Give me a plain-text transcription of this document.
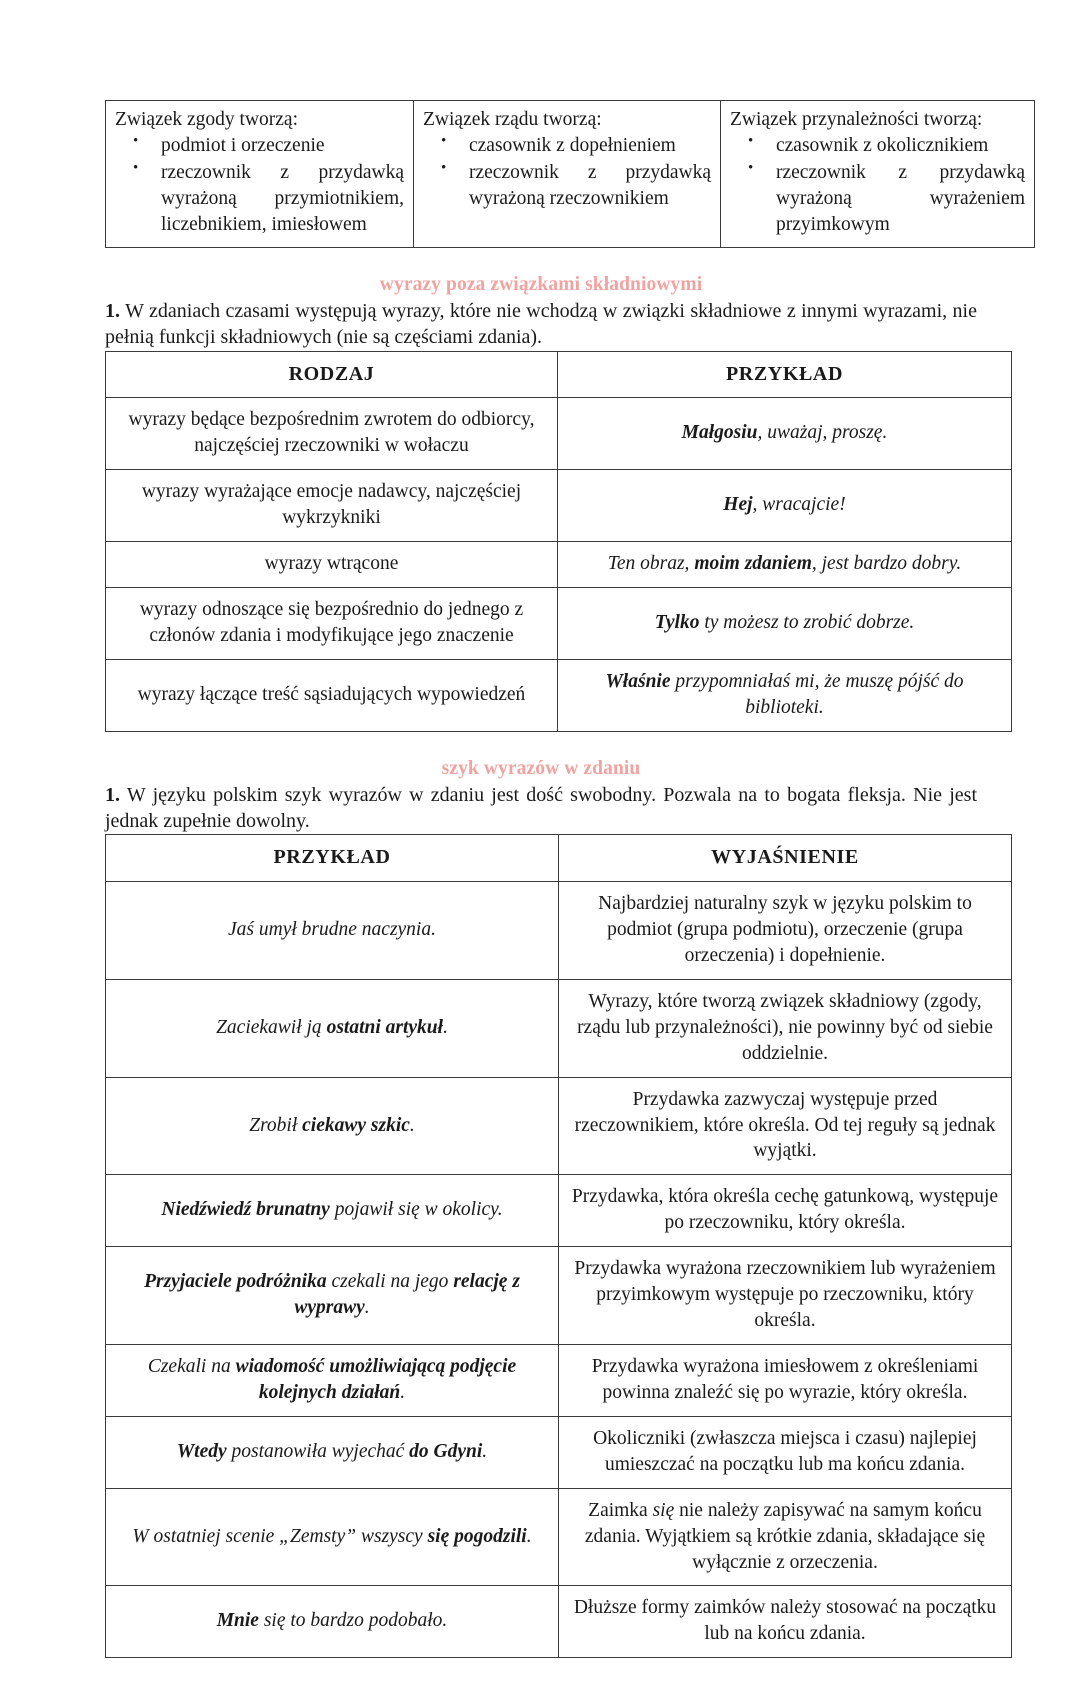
Związek zgody tworzą:

• podmiot i orzeczenie
• rzeczownik z przydawką wyrażoną przymiotnikiem, liczebnikiem, imiesłowem

Związek rządu tworzą:

• czasownik z dopełnieniem
• rzeczownik z przydawką wyrażoną rzeczownikiem

Związek przynależności tworzą:

• czasownik z okolicznikiem
• rzeczownik z przydawką wyrażoną wyrażeniem przyimkowym
wyrazy poza związkami składniowymi

1. W zdaniach czasami występują wyrazy, które nie wchodzą w związki składniowe z innymi wyrazami, nie pełnią funkcji składniowych (nie są częściami zdania).

RODZAJ	PRZYKŁAD
wyrazy będące bezpośrednim zwrotem do odbiorcy, najczęściej rzeczowniki w wołaczu	Małgosiu, uważaj, proszę.
wyrazy wyrażające emocje nadawcy, najczęściej wykrzykniki	Hej, wracajcie!
wyrazy wtrącone	Ten obraz, moim zdaniem, jest bardzo dobry.
wyrazy odnoszące się bezpośrednio do jednego z członów zdania i modyfikujące jego znaczenie	Tylko ty możesz to zrobić dobrze.
wyrazy łączące treść sąsiadujących wypowiedzeń	Właśnie przypomniałaś mi, że muszę pójść do biblioteki.
szyk wyrazów w zdaniu

1. W języku polskim szyk wyrazów w zdaniu jest dość swobodny. Pozwala na to bogata fleksja. Nie jest jednak zupełnie dowolny.

PRZYKŁAD	WYJAŚNIENIE
Jaś umył brudne naczynia.	Najbardziej naturalny szyk w języku polskim to podmiot (grupa podmiotu), orzeczenie (grupa orzeczenia) i dopełnienie.
Zaciekawił ją ostatni artykuł.	Wyrazy, które tworzą związek składniowy (zgody, rządu lub przynależności), nie powinny być od siebie oddzielnie.
Zrobił ciekawy szkic.	Przydawka zazwyczaj występuje przed rzeczownikiem, które określa. Od tej reguły są jednak wyjątki.
Niedźwiedź brunatny pojawił się w okolicy.	Przydawka, która określa cechę gatunkową, występuje po rzeczowniku, który określa.
Przyjaciele podróżnika czekali na jego relację z wyprawy.	Przydawka wyrażona rzeczownikiem lub wyrażeniem przyimkowym występuje po rzeczowniku, który określa.
Czekali na wiadomość umożliwiającą podjęcie kolejnych działań.	Przydawka wyrażona imiesłowem z określeniami powinna znaleźć się po wyrazie, który określa.
Wtedy postanowiła wyjechać do Gdyni.	Okoliczniki (zwłaszcza miejsca i czasu) najlepiej umieszczać na początku lub ma końcu zdania.
W ostatniej scenie „Zemsty” wszyscy się pogodzili.	Zaimka się nie należy zapisywać na samym końcu zdania. Wyjątkiem są krótkie zdania, składające się wyłącznie z orzeczenia.
Mnie się to bardzo podobało.	Dłuższe formy zaimków należy stosować na początku lub na końcu zdania.
